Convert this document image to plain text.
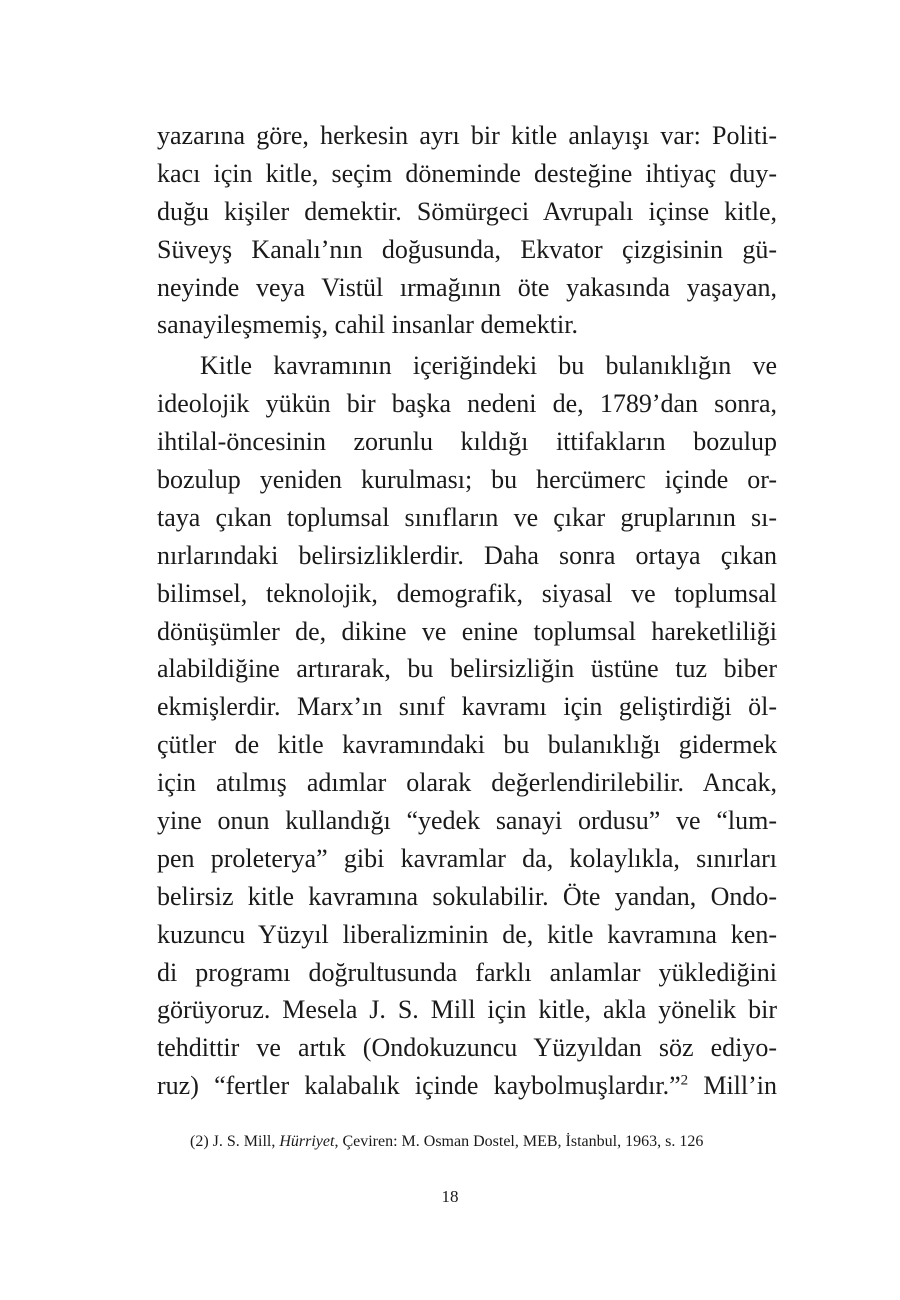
yazarına göre, herkesin ayrı bir kitle anlayışı var: Politi-
kacı için kitle, seçim döneminde desteğine ihtiyaç duy-
duğu kişiler demektir. Sömürgeci Avrupalı içinse kitle,
Süveyş Kanalı’nın doğusunda, Ekvator çizgisinin gü-
neyinde veya Vistül ırmağının öte yakasında yaşayan,
sanayileşmemiş, cahil insanlar demektir.
Kitle kavramının içeriğindeki bu bulanıklığın ve
ideolojik yükün bir başka nedeni de, 1789’dan sonra,
ihtilal-öncesinin zorunlu kıldığı ittifakların bozulup
bozulup yeniden kurulması; bu hercümerc içinde or-
taya çıkan toplumsal sınıfların ve çıkar gruplarının sı-
nırlarındaki belirsizliklerdir. Daha sonra ortaya çıkan
bilimsel, teknolojik, demografik, siyasal ve toplumsal
dönüşümler de, dikine ve enine toplumsal hareketliliği
alabildiğine artırarak, bu belirsizliğin üstüne tuz biber
ekmişlerdir. Marx’ın sınıf kavramı için geliştirdiği öl-
çütler de kitle kavramındaki bu bulanıklığı gidermek
için atılmış adımlar olarak değerlendirilebilir. Ancak,
yine onun kullandığı “yedek sanayi ordusu” ve “lum-
pen proleterya” gibi kavramlar da, kolaylıkla, sınırları
belirsiz kitle kavramına sokulabilir. Öte yandan, Ondo-
kuzuncu Yüzyıl liberalizminin de, kitle kavramına ken-
di programı doğrultusunda farklı anlamlar yüklediğini
görüyoruz. Mesela J. S. Mill için kitle, akla yönelik bir
tehdittir ve artık (Ondokuzuncu Yüzyıldan söz ediyo-
ruz) “fertler kalabalık içinde kaybolmuşlardır.”$^2$ Mill’in
(2) J. S. Mill, Hürriyet, Çeviren: M. Osman Dostel, MEB, İstanbul, 1963, s. 126
18
